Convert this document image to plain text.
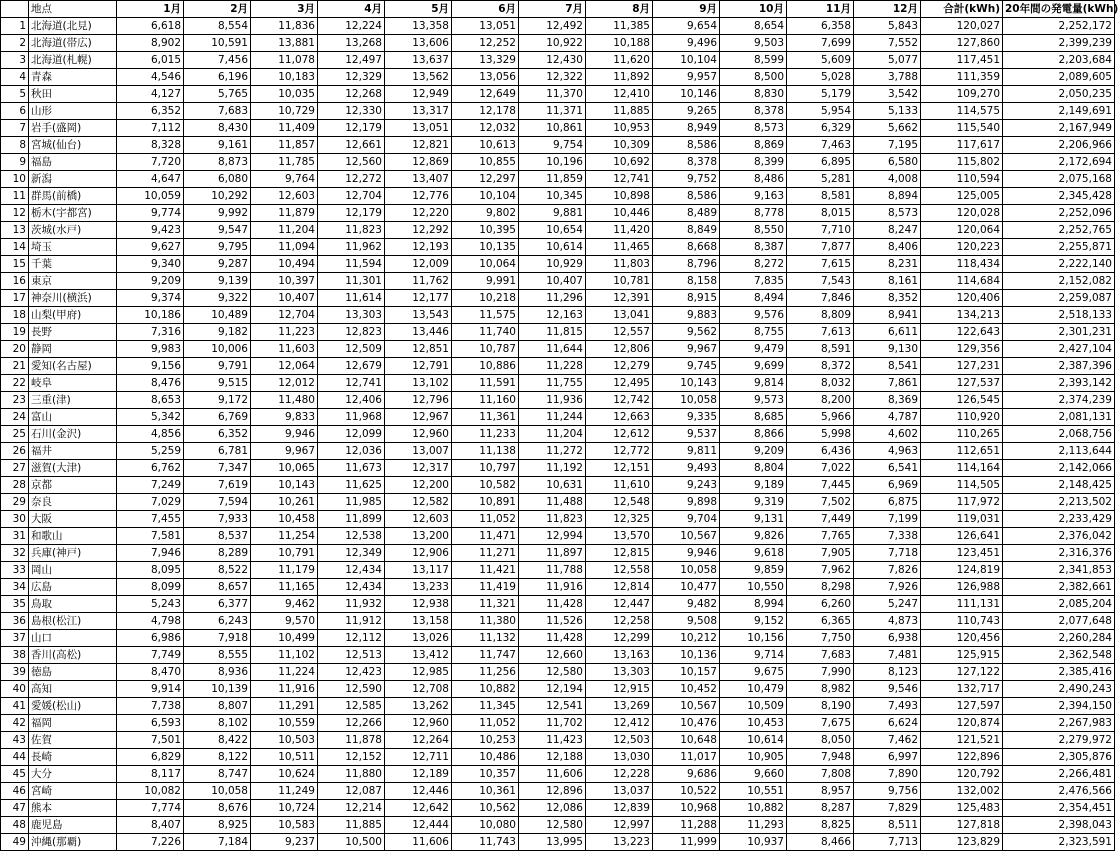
	地点	1月	2月	3月	4月	5月	6月	7月	8月	9月	10月	11月	12月	合計(kWh)	20年間の発電量(kWh)
1	北海道(北見)	6,618	8,554	11,836	12,224	13,358	13,051	12,492	11,385	9,654	8,654	6,358	5,843	120,027	2,252,172
2	北海道(帯広)	8,902	10,591	13,881	13,268	13,606	12,252	10,922	10,188	9,496	9,503	7,699	7,552	127,860	2,399,239
3	北海道(札幌)	6,015	7,456	11,078	12,497	13,637	13,329	12,430	11,620	10,104	8,599	5,609	5,077	117,451	2,203,684
4	青森	4,546	6,196	10,183	12,329	13,562	13,056	12,322	11,892	9,957	8,500	5,028	3,788	111,359	2,089,605
5	秋田	4,127	5,765	10,035	12,268	12,949	12,649	11,370	12,410	10,146	8,830	5,179	3,542	109,270	2,050,235
6	山形	6,352	7,683	10,729	12,330	13,317	12,178	11,371	11,885	9,265	8,378	5,954	5,133	114,575	2,149,691
7	岩手(盛岡)	7,112	8,430	11,409	12,179	13,051	12,032	10,861	10,953	8,949	8,573	6,329	5,662	115,540	2,167,949
8	宮城(仙台)	8,328	9,161	11,857	12,661	12,821	10,613	9,754	10,309	8,586	8,869	7,463	7,195	117,617	2,206,966
9	福島	7,720	8,873	11,785	12,560	12,869	10,855	10,196	10,692	8,378	8,399	6,895	6,580	115,802	2,172,694
10	新潟	4,647	6,080	9,764	12,272	13,407	12,297	11,859	12,741	9,752	8,486	5,281	4,008	110,594	2,075,168
11	群馬(前橋)	10,059	10,292	12,603	12,704	12,776	10,104	10,345	10,898	8,586	9,163	8,581	8,894	125,005	2,345,428
12	栃木(宇都宮)	9,774	9,992	11,879	12,179	12,220	9,802	9,881	10,446	8,489	8,778	8,015	8,573	120,028	2,252,096
13	茨城(水戸)	9,423	9,547	11,204	11,823	12,292	10,395	10,654	11,420	8,849	8,550	7,710	8,247	120,064	2,252,765
14	埼玉	9,627	9,795	11,094	11,962	12,193	10,135	10,614	11,465	8,668	8,387	7,877	8,406	120,223	2,255,871
15	千葉	9,340	9,287	10,494	11,594	12,009	10,064	10,929	11,803	8,796	8,272	7,615	8,231	118,434	2,222,140
16	東京	9,209	9,139	10,397	11,301	11,762	9,991	10,407	10,781	8,158	7,835	7,543	8,161	114,684	2,152,082
17	神奈川(横浜)	9,374	9,322	10,407	11,614	12,177	10,218	11,296	12,391	8,915	8,494	7,846	8,352	120,406	2,259,087
18	山梨(甲府)	10,186	10,489	12,704	13,303	13,543	11,575	12,163	13,041	9,883	9,576	8,809	8,941	134,213	2,518,133
19	長野	7,316	9,182	11,223	12,823	13,446	11,740	11,815	12,557	9,562	8,755	7,613	6,611	122,643	2,301,231
20	静岡	9,983	10,006	11,603	12,509	12,851	10,787	11,644	12,806	9,967	9,479	8,591	9,130	129,356	2,427,104
21	愛知(名古屋)	9,156	9,791	12,064	12,679	12,791	10,886	11,228	12,279	9,745	9,699	8,372	8,541	127,231	2,387,396
22	岐阜	8,476	9,515	12,012	12,741	13,102	11,591	11,755	12,495	10,143	9,814	8,032	7,861	127,537	2,393,142
23	三重(津)	8,653	9,172	11,480	12,406	12,796	11,160	11,936	12,742	10,058	9,573	8,200	8,369	126,545	2,374,239
24	富山	5,342	6,769	9,833	11,968	12,967	11,361	11,244	12,663	9,335	8,685	5,966	4,787	110,920	2,081,131
25	石川(金沢)	4,856	6,352	9,946	12,099	12,960	11,233	11,204	12,612	9,537	8,866	5,998	4,602	110,265	2,068,756
26	福井	5,259	6,781	9,967	12,036	13,007	11,138	11,272	12,772	9,811	9,209	6,436	4,963	112,651	2,113,644
27	滋賀(大津)	6,762	7,347	10,065	11,673	12,317	10,797	11,192	12,151	9,493	8,804	7,022	6,541	114,164	2,142,066
28	京都	7,249	7,619	10,143	11,625	12,200	10,582	10,631	11,610	9,243	9,189	7,445	6,969	114,505	2,148,425
29	奈良	7,029	7,594	10,261	11,985	12,582	10,891	11,488	12,548	9,898	9,319	7,502	6,875	117,972	2,213,502
30	大阪	7,455	7,933	10,458	11,899	12,603	11,052	11,823	12,325	9,704	9,131	7,449	7,199	119,031	2,233,429
31	和歌山	7,581	8,537	11,254	12,538	13,200	11,471	12,994	13,570	10,567	9,826	7,765	7,338	126,641	2,376,042
32	兵庫(神戸)	7,946	8,289	10,791	12,349	12,906	11,271	11,897	12,815	9,946	9,618	7,905	7,718	123,451	2,316,376
33	岡山	8,095	8,522	11,179	12,434	13,117	11,421	11,788	12,558	10,058	9,859	7,962	7,826	124,819	2,341,853
34	広島	8,099	8,657	11,165	12,434	13,233	11,419	11,916	12,814	10,477	10,550	8,298	7,926	126,988	2,382,661
35	鳥取	5,243	6,377	9,462	11,932	12,938	11,321	11,428	12,447	9,482	8,994	6,260	5,247	111,131	2,085,204
36	島根(松江)	4,798	6,243	9,570	11,912	13,158	11,380	11,526	12,258	9,508	9,152	6,365	4,873	110,743	2,077,648
37	山口	6,986	7,918	10,499	12,112	13,026	11,132	11,428	12,299	10,212	10,156	7,750	6,938	120,456	2,260,284
38	香川(高松)	7,749	8,555	11,102	12,513	13,412	11,747	12,660	13,163	10,136	9,714	7,683	7,481	125,915	2,362,548
39	徳島	8,470	8,936	11,224	12,423	12,985	11,256	12,580	13,303	10,157	9,675	7,990	8,123	127,122	2,385,416
40	高知	9,914	10,139	11,916	12,590	12,708	10,882	12,194	12,915	10,452	10,479	8,982	9,546	132,717	2,490,243
41	愛媛(松山)	7,738	8,807	11,291	12,585	13,262	11,345	12,541	13,269	10,567	10,509	8,190	7,493	127,597	2,394,150
42	福岡	6,593	8,102	10,559	12,266	12,960	11,052	11,702	12,412	10,476	10,453	7,675	6,624	120,874	2,267,983
43	佐賀	7,501	8,422	10,503	11,878	12,264	10,253	11,423	12,503	10,648	10,614	8,050	7,462	121,521	2,279,972
44	長崎	6,829	8,122	10,511	12,152	12,711	10,486	12,188	13,030	11,017	10,905	7,948	6,997	122,896	2,305,876
45	大分	8,117	8,747	10,624	11,880	12,189	10,357	11,606	12,228	9,686	9,660	7,808	7,890	120,792	2,266,481
46	宮崎	10,082	10,058	11,249	12,087	12,446	10,361	12,896	13,037	10,522	10,551	8,957	9,756	132,002	2,476,566
47	熊本	7,774	8,676	10,724	12,214	12,642	10,562	12,086	12,839	10,968	10,882	8,287	7,829	125,483	2,354,451
48	鹿児島	8,407	8,925	10,583	11,885	12,444	10,080	12,580	12,997	11,288	11,293	8,825	8,511	127,818	2,398,043
49	沖縄(那覇)	7,226	7,184	9,237	10,500	11,606	11,743	13,995	13,223	11,999	10,937	8,466	7,713	123,829	2,323,591
